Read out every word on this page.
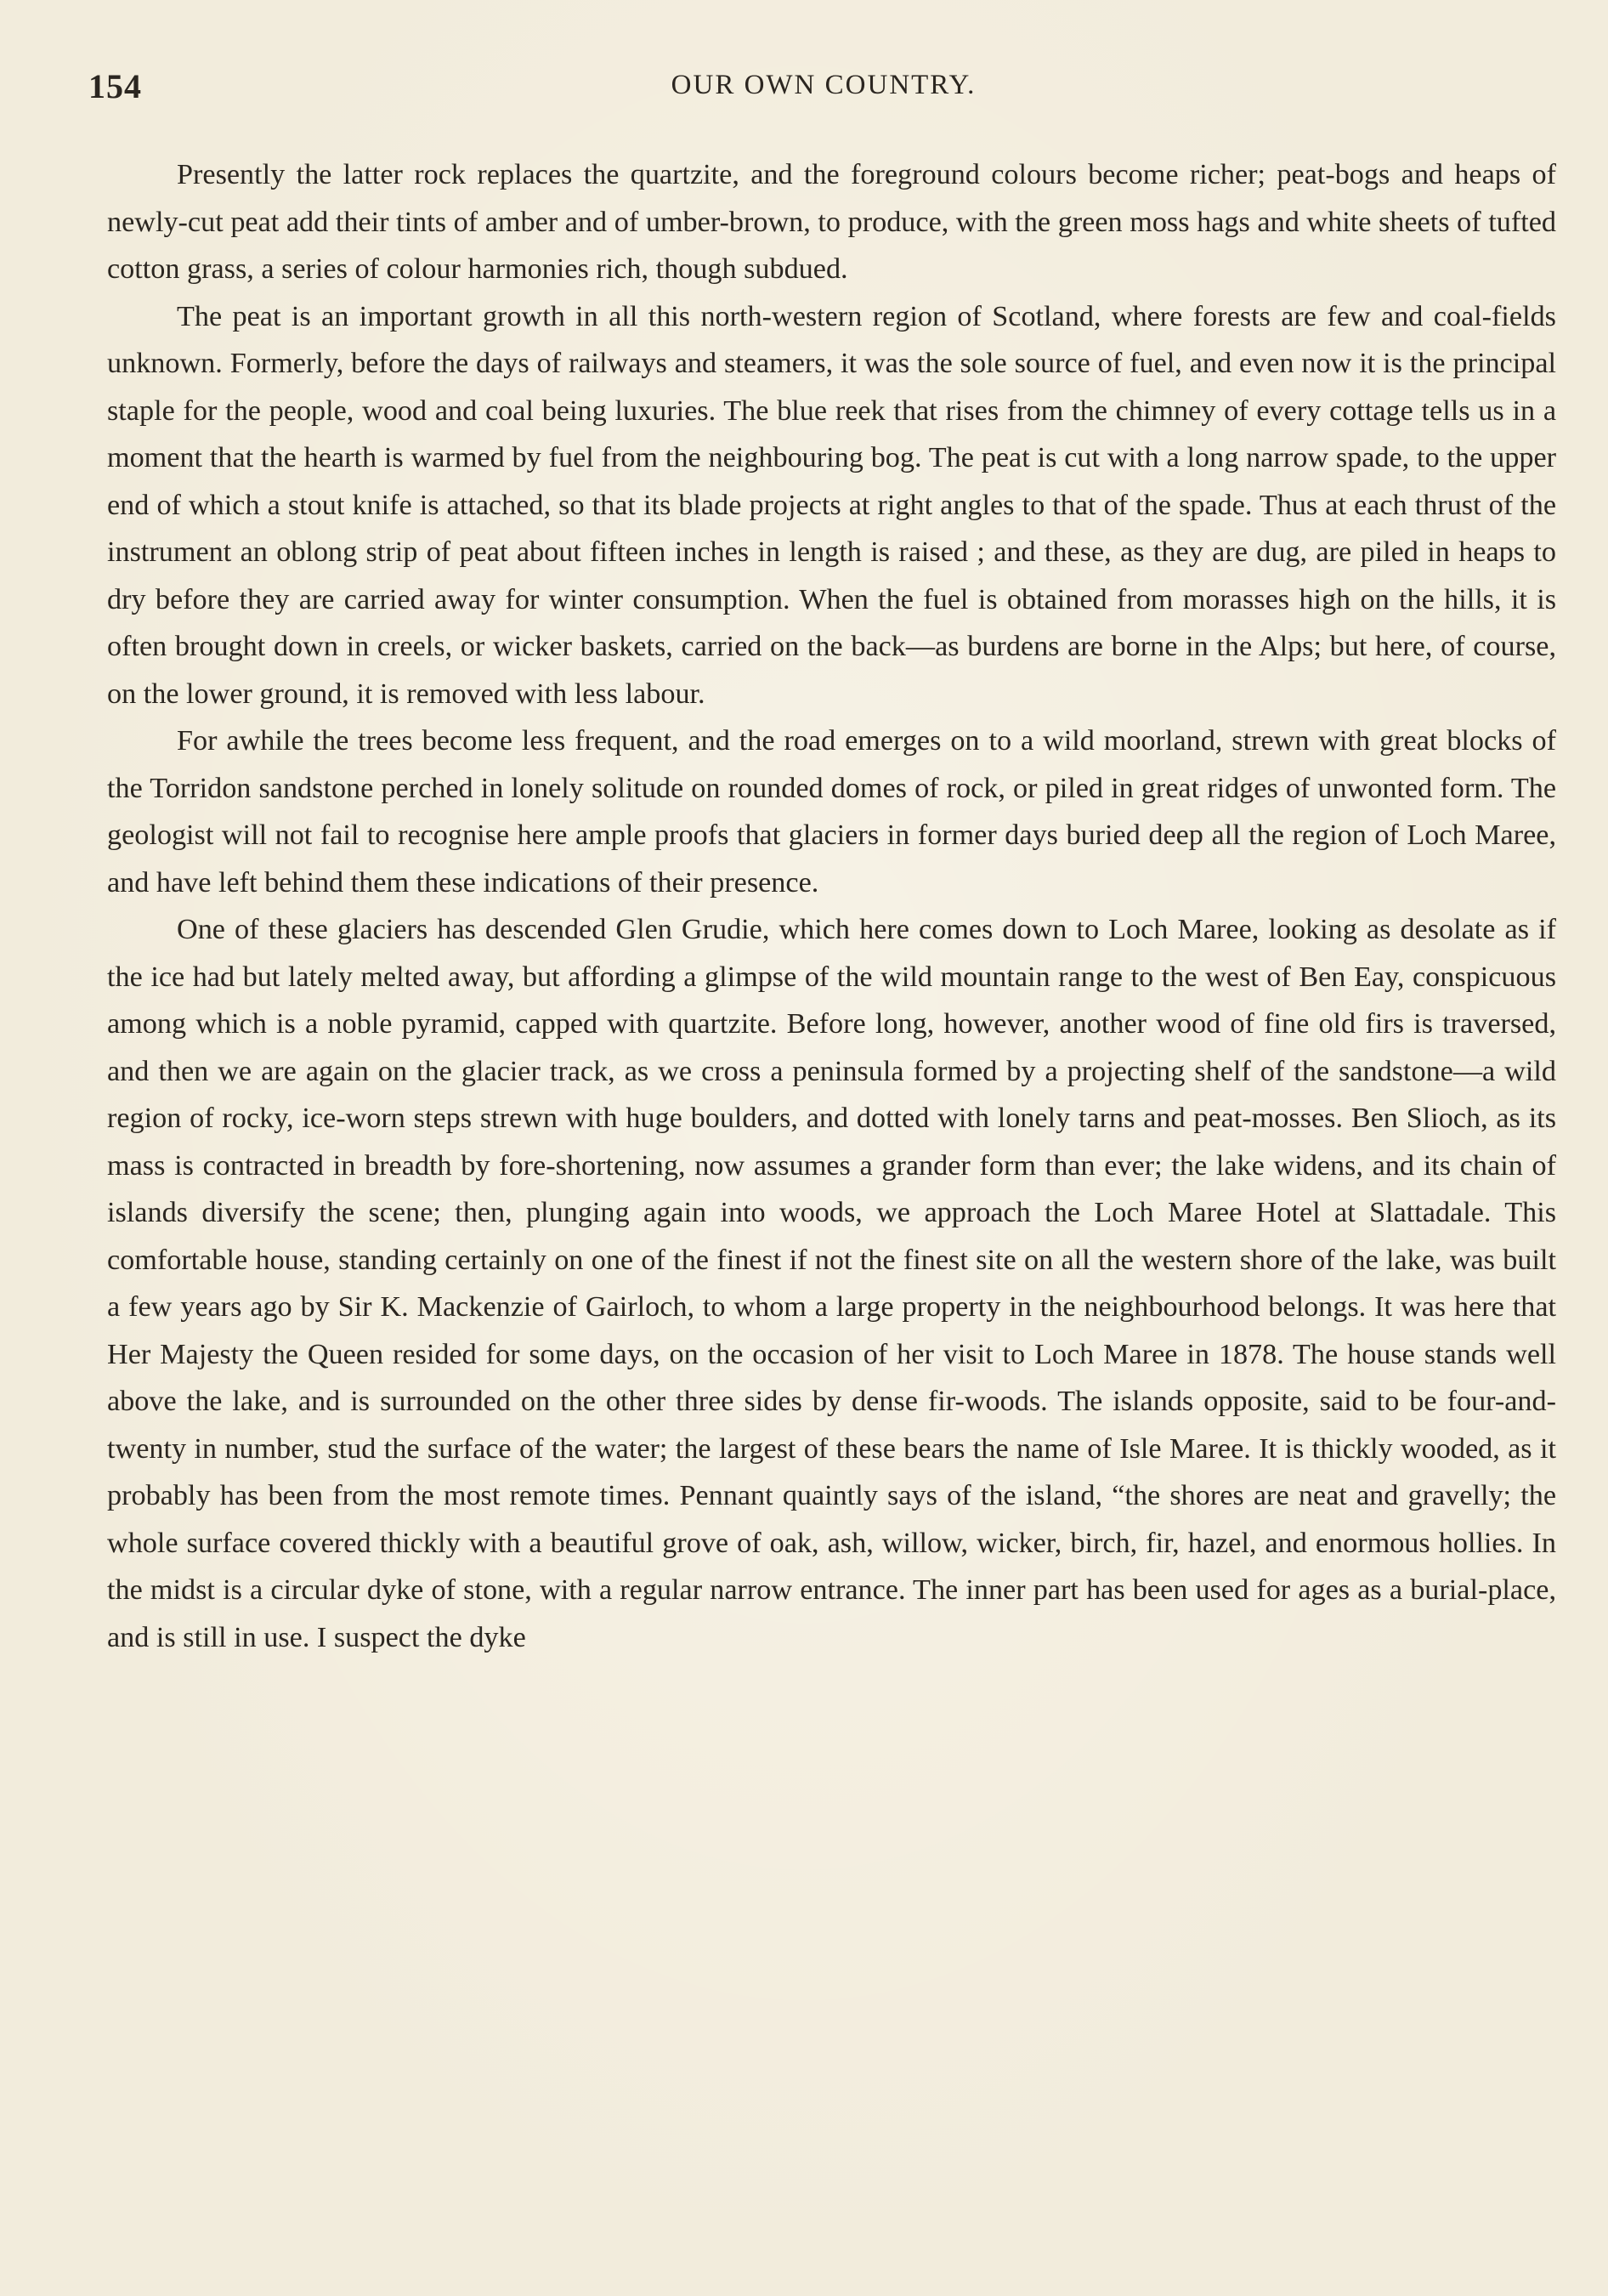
154	OUR OWN COUNTRY.

Presently the latter rock replaces the quartzite, and the foreground colours become richer; peat-bogs and heaps of newly-cut peat add their tints of amber and of umber-brown, to produce, with the green moss hags and white sheets of tufted cotton grass, a series of colour harmonies rich, though subdued.

The peat is an important growth in all this north-western region of Scotland, where forests are few and coal-fields unknown. Formerly, before the days of railways and steamers, it was the sole source of fuel, and even now it is the principal staple for the people, wood and coal being luxuries. The blue reek that rises from the chimney of every cottage tells us in a moment that the hearth is warmed by fuel from the neighbouring bog. The peat is cut with a long narrow spade, to the upper end of which a stout knife is attached, so that its blade projects at right angles to that of the spade. Thus at each thrust of the instrument an oblong strip of peat about fifteen inches in length is raised ; and these, as they are dug, are piled in heaps to dry before they are carried away for winter consumption. When the fuel is obtained from morasses high on the hills, it is often brought down in creels, or wicker baskets, carried on the back—as burdens are borne in the Alps; but here, of course, on the lower ground, it is removed with less labour.

For awhile the trees become less frequent, and the road emerges on to a wild moorland, strewn with great blocks of the Torridon sandstone perched in lonely solitude on rounded domes of rock, or piled in great ridges of unwonted form. The geologist will not fail to recognise here ample proofs that glaciers in former days buried deep all the region of Loch Maree, and have left behind them these indications of their presence.

One of these glaciers has descended Glen Grudie, which here comes down to Loch Maree, looking as desolate as if the ice had but lately melted away, but affording a glimpse of the wild mountain range to the west of Ben Eay, conspicuous among which is a noble pyramid, capped with quartzite. Before long, however, another wood of fine old firs is traversed, and then we are again on the glacier track, as we cross a peninsula formed by a projecting shelf of the sandstone—a wild region of rocky, ice-worn steps strewn with huge boulders, and dotted with lonely tarns and peat-mosses. Ben Slioch, as its mass is contracted in breadth by fore-shortening, now assumes a grander form than ever; the lake widens, and its chain of islands diversify the scene; then, plunging again into woods, we approach the Loch Maree Hotel at Slattadale. This comfortable house, standing certainly on one of the finest if not the finest site on all the western shore of the lake, was built a few years ago by Sir K. Mackenzie of Gairloch, to whom a large property in the neighbourhood belongs. It was here that Her Majesty the Queen resided for some days, on the occasion of her visit to Loch Maree in 1878. The house stands well above the lake, and is surrounded on the other three sides by dense fir-woods. The islands opposite, said to be four-and-twenty in number, stud the surface of the water; the largest of these bears the name of Isle Maree. It is thickly wooded, as it probably has been from the most remote times. Pennant quaintly says of the island, “the shores are neat and gravelly; the whole surface covered thickly with a beautiful grove of oak, ash, willow, wicker, birch, fir, hazel, and enormous hollies. In the midst is a circular dyke of stone, with a regular narrow entrance. The inner part has been used for ages as a burial-place, and is still in use. I suspect the dyke
